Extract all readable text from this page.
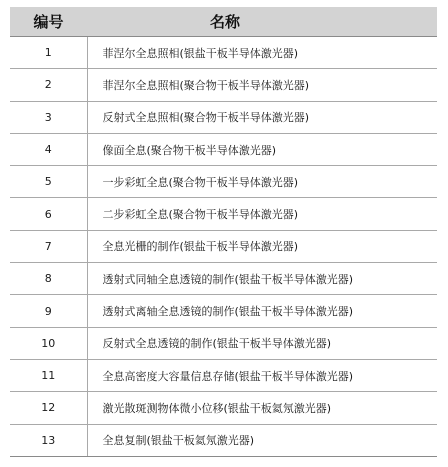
编号	名称
1	菲涅尔全息照相(银盐干板半导体激光器)
2	菲涅尔全息照相(聚合物干板半导体激光器)
3	反射式全息照相(聚合物干板半导体激光器)
4	像面全息(聚合物干板半导体激光器)
5	一步彩虹全息(聚合物干板半导体激光器)
6	二步彩虹全息(聚合物干板半导体激光器)
7	全息光栅的制作(银盐干板半导体激光器)
8	透射式同轴全息透镜的制作(银盐干板半导体激光器)
9	透射式离轴全息透镜的制作(银盐干板半导体激光器)
10	反射式全息透镜的制作(银盐干板半导体激光器)
11	全息高密度大容量信息存储(银盐干板半导体激光器)
12	激光散斑测物体微小位移(银盐干板氦氖激光器)
13	全息复制(银盐干板氦氖激光器)
